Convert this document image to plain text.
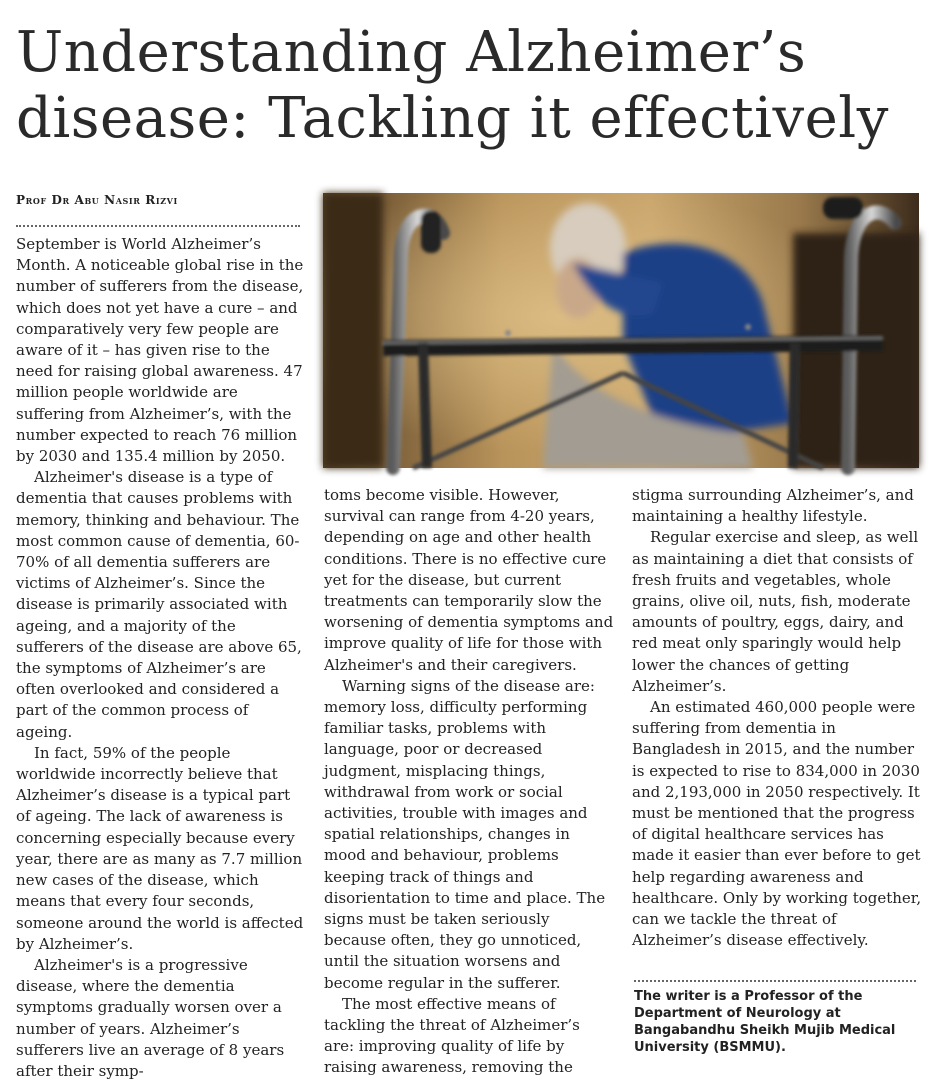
Understanding Alzheimer’s disease: Tackling it effectively
Prof Dr Abu Nasir Rizvi

September is World Alzheimer’s Month. A noticeable global rise in the number of sufferers from the disease, which does not yet have a cure – and comparatively very few people are aware of it – has given rise to the need for raising global awareness. 47 million people worldwide are suffering from Alzheimer’s, with the number expected to reach 76 million by 2030 and 135.4 million by 2050.

Alzheimer's disease is a type of dementia that causes problems with memory, thinking and behaviour. The most common cause of dementia, 60-70% of all dementia sufferers are victims of Alzheimer’s. Since the disease is primarily associated with ageing, and a majority of the sufferers of the disease are above 65, the symptoms of Alzheimer’s are often overlooked and considered a part of the common process of ageing.

In fact, 59% of the people worldwide incorrectly believe that Alzheimer’s disease is a typical part of ageing. The lack of awareness is concerning especially because every year, there are as many as 7.7 million new cases of the disease, which means that every four seconds, someone around the world is affected by Alzheimer’s.

Alzheimer's is a progressive disease, where the dementia symptoms gradually worsen over a number of years. Alzheimer’s sufferers live an average of 8 years after their symp-

toms become visible. However, survival can range from 4-20 years, depending on age and other health conditions. There is no effective cure yet for the disease, but current treatments can temporarily slow the worsening of dementia symptoms and improve quality of life for those with Alzheimer's and their caregivers.

Warning signs of the disease are: memory loss, difficulty performing familiar tasks, problems with language, poor or decreased judgment, misplacing things, withdrawal from work or social activities, trouble with images and spatial relationships, changes in mood and behaviour, problems keeping track of things and disorientation to time and place. The signs must be taken seriously because often, they go unnoticed, until the situation worsens and become regular in the sufferer.

The most effective means of tackling the threat of Alzheimer’s are: improving quality of life by raising awareness, removing the

stigma surrounding Alzheimer’s, and maintaining a healthy lifestyle.

Regular exercise and sleep, as well as maintaining a diet that consists of fresh fruits and vegetables, whole grains, olive oil, nuts, fish, moderate amounts of poultry, eggs, dairy, and red meat only sparingly would help lower the chances of getting Alzheimer’s.

An estimated 460,000 people were suffering from dementia in Bangladesh in 2015, and the number is expected to rise to 834,000 in 2030 and 2,193,000 in 2050 respectively. It must be mentioned that the progress of digital healthcare services has made it easier than ever before to get help regarding awareness and healthcare. Only by working together, can we tackle the threat of Alzheimer’s disease effectively.

The writer is a Professor of the Department of Neurology at Bangabandhu Sheikh Mujib Medical University (BSMMU).
